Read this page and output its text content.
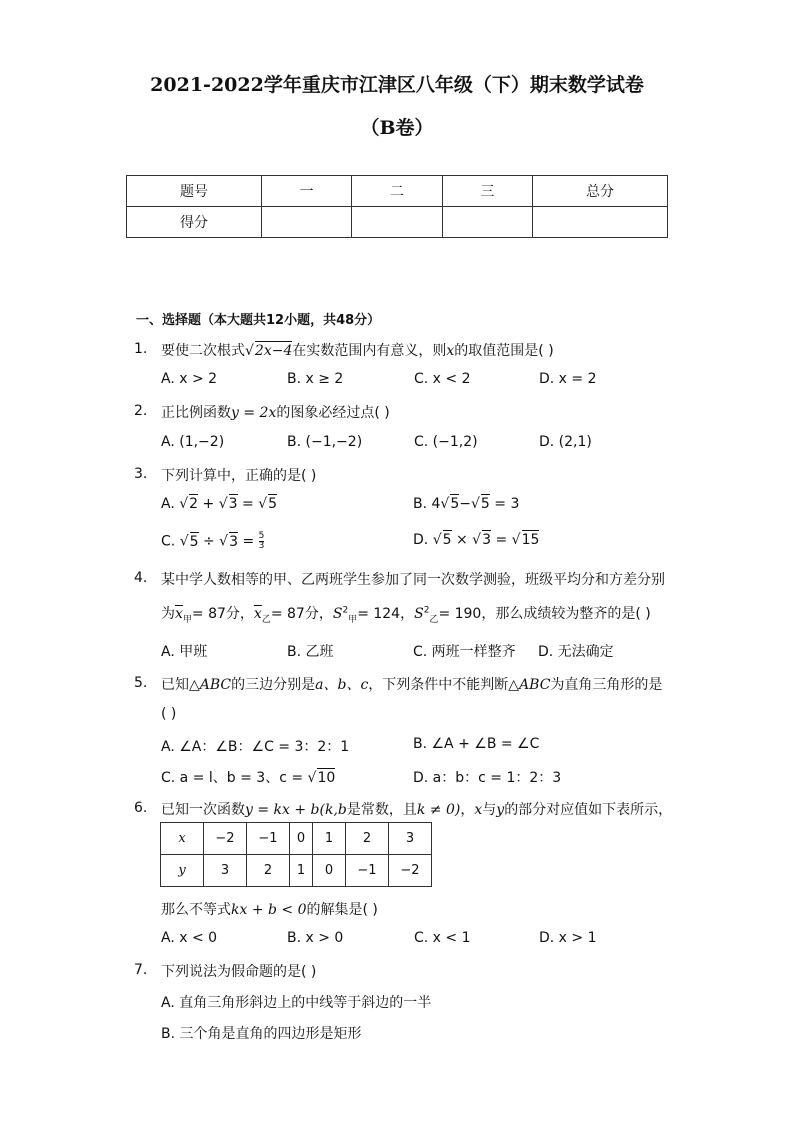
2021-2022学年重庆市江津区八年级（下）期末数学试卷
（B卷）
题号	一	二	三	总分
得分				
一、选择题（本大题共12小题，共48分）
1. 要使二次根式√2x−4在实数范围内有意义，则x的取值范围是( )
A. x > 2	B. x ≥ 2	C. x < 2	D. x = 2
2. 正比例函数y = 2x的图象必经过点( )
A. (1,−2)	B. (−1,−2)	C. (−1,2)	D. (2,1)
3. 下列计算中，正确的是( )
A. √2 + √3 = √5	B. 4√5−√5 = 3
C. $√5 \div √3 = \frac{5}{3}$	D. √5 × √3 = √15
4. 某中学人数相等的甲、乙两班学生参加了同一次数学测验，班级平均分和方差分别
为$\overline{x}_甲= 87$分，$\overline{x}_乙= 87$分，$S^2_甲= 124$，$S^2_乙= 190$，那么成绩较为整齐的是( )
A. 甲班	B. 乙班	C. 两班一样整齐 D. 无法确定
5. 已知△ABC的三边分别是a、b、c，下列条件中不能判断△ABC为直角三角形的是
( )
A. ∠A：∠B：∠C = 3：2：1	B. ∠A + ∠B = ∠C
C. a = l、b = 3、c = √10	D. a：b：c = 1：2：3
6. 已知一次函数y = kx + b(k,b是常数，且k ≠ 0)，x与y的部分对应值如下表所示，
x	−2	−1	0	1	2	3
y	3	2	1	0	−1	−2
那么不等式kx + b < 0的解集是( )
A. x < 0	B. x > 0	C. x < 1	D. x > 1
7. 下列说法为假命题的是( )
A. 直角三角形斜边上的中线等于斜边的一半
B. 三个角是直角的四边形是矩形
